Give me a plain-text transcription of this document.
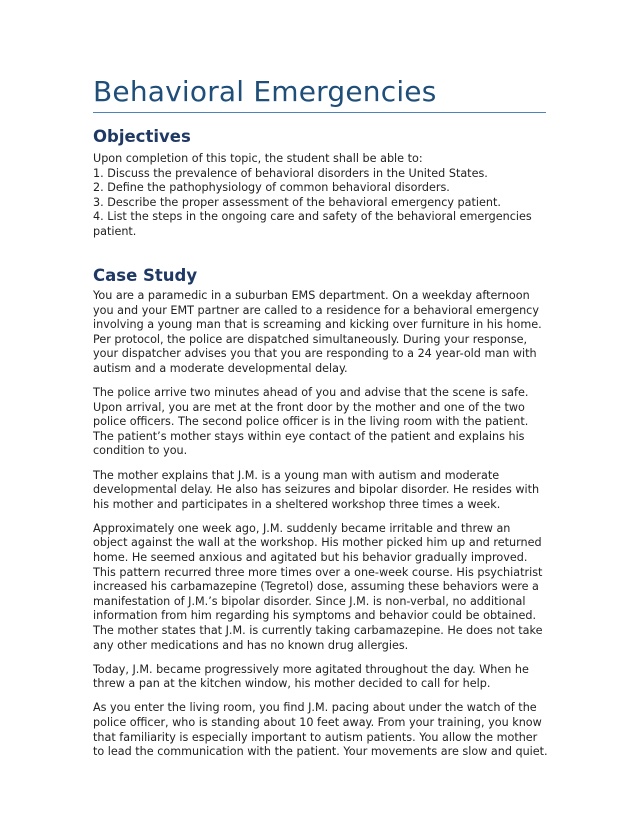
Behavioral Emergencies
Objectives
Upon completion of this topic, the student shall be able to:
1. Discuss the prevalence of behavioral disorders in the United States.
2. Define the pathophysiology of common behavioral disorders.
3. Describe the proper assessment of the behavioral emergency patient.
4. List the steps in the ongoing care and safety of the behavioral emergencies patient.
Case Study

You are a paramedic in a suburban EMS department. On a weekday afternoon you and your EMT partner are called to a residence for a behavioral emergency involving a young man that is screaming and kicking over furniture in his home. Per protocol, the police are dispatched simultaneously. During your response, your dispatcher advises you that you are responding to a 24 year-old man with autism and a moderate developmental delay.

The police arrive two minutes ahead of you and advise that the scene is safe. Upon arrival, you are met at the front door by the mother and one of the two police officers. The second police officer is in the living room with the patient. The patient’s mother stays within eye contact of the patient and explains his condition to you.

The mother explains that J.M. is a young man with autism and moderate developmental delay. He also has seizures and bipolar disorder. He resides with his mother and participates in a sheltered workshop three times a week.

Approximately one week ago, J.M. suddenly became irritable and threw an object against the wall at the workshop. His mother picked him up and returned home. He seemed anxious and agitated but his behavior gradually improved. This pattern recurred three more times over a one-week course. His psychiatrist increased his carbamazepine (Tegretol) dose, assuming these behaviors were a manifestation of J.M.’s bipolar disorder. Since J.M. is non-verbal, no additional information from him regarding his symptoms and behavior could be obtained. The mother states that J.M. is currently taking carbamazepine. He does not take any other medications and has no known drug allergies.

Today, J.M. became progressively more agitated throughout the day. When he threw a pan at the kitchen window, his mother decided to call for help.

As you enter the living room, you find J.M. pacing about under the watch of the police officer, who is standing about 10 feet away. From your training, you know that familiarity is especially important to autism patients. You allow the mother to lead the communication with the patient. Your movements are slow and quiet.
